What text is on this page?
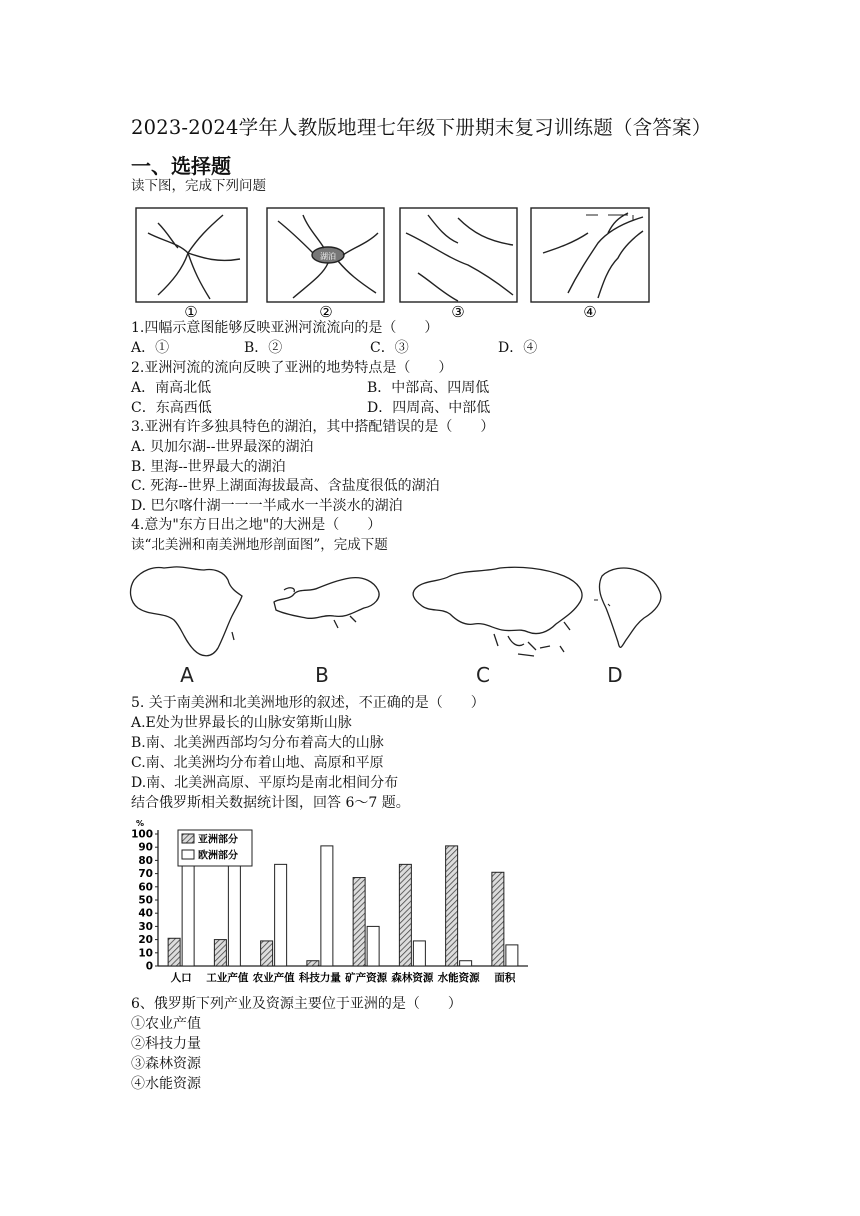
2023-2024学年人教版地理七年级下册期末复习训练题（含答案）
一、选择题
读下图，完成下列问题
湖泊
①	②	③	④
1.四幅示意图能够反映亚洲河流流向的是（　　）
A．①	B．②	C．③	D．④
2.亚洲河流的流向反映了亚洲的地势特点是（　　）
A．南高北低	B．中部高、四周低
C．东高西低	D．四周高、中部低
3.亚洲有许多独具特色的湖泊，其中搭配错误的是（　　）
A. 贝加尔湖--世界最深的湖泊
B. 里海--世界最大的湖泊
C. 死海--世界上湖面海拔最高、含盐度很低的湖泊
D. 巴尔喀什湖一一一半咸水一半淡水的湖泊
4.意为"东方日出之地"的大洲是（　　）
读“北美洲和南美洲地形剖面图”，完成下题
A	B	C	D
5. 关于南美洲和北美洲地形的叙述，不正确的是（　　）
A.E处为世界最长的山脉安第斯山脉
B.南、北美洲西部均匀分布着高大的山脉
C.南、北美洲均分布着山地、高原和平原
D.南、北美洲高原、平原均是南北相间分布
结合俄罗斯相关数据统计图，回答 6～7 题。
%
0
10
20
30
40
50
60
70
80
90
100
人口 工业产值 农业产值 科技力量 矿产资源 森林资源 水能资源 面积
亚洲部分
欧洲部分
6、俄罗斯下列产业及资源主要位于亚洲的是（　　）
①农业产值
②科技力量
③森林资源
④水能资源
